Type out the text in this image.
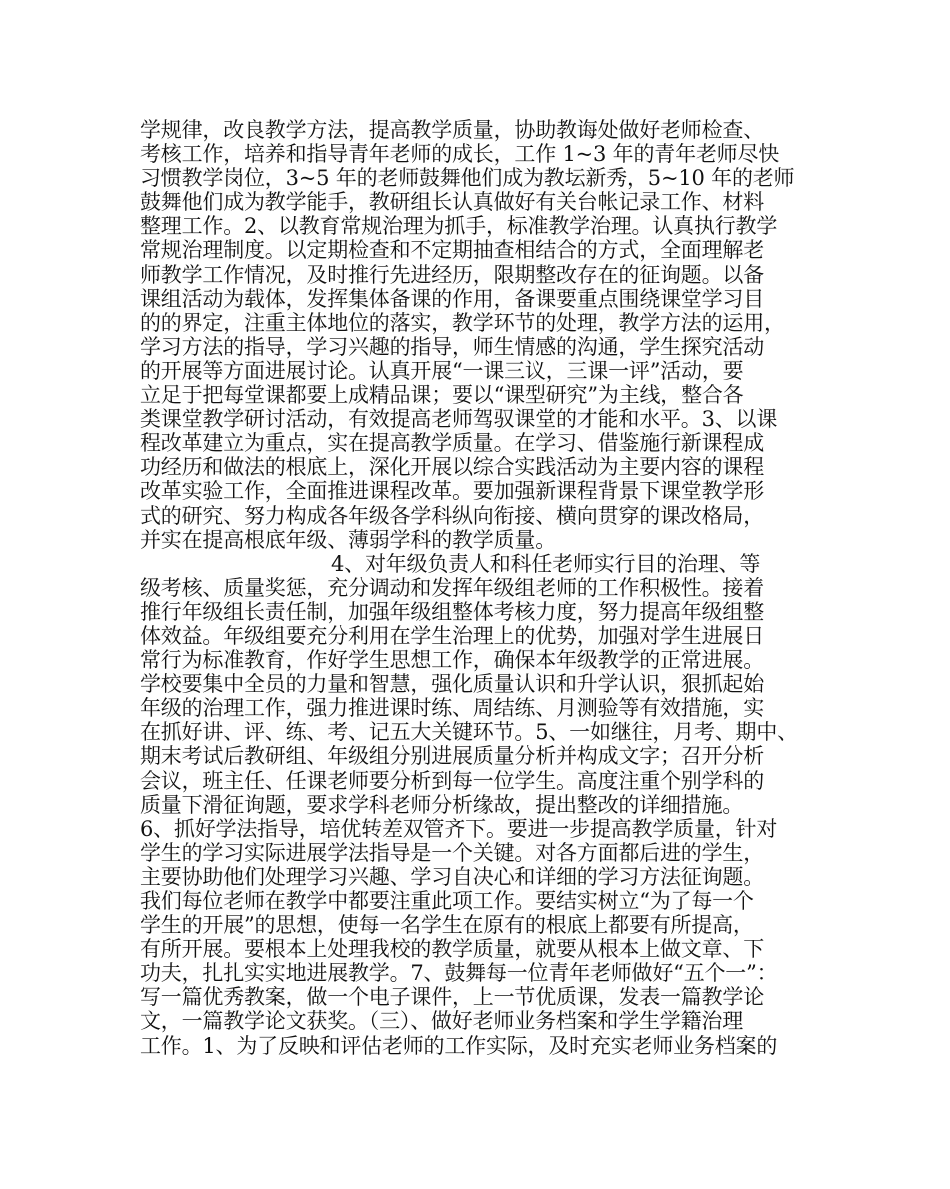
学规律，改良教学方法，提高教学质量，协助教诲处做好老师检查、
考核工作，培养和指导青年老师的成长，工作 1~3 年的青年老师尽快
习惯教学岗位，3~5 年的老师鼓舞他们成为教坛新秀，5~10 年的老师
鼓舞他们成为教学能手，教研组长认真做好有关台帐记录工作、材料
整理工作。2、以教育常规治理为抓手，标准教学治理。认真执行教学
常规治理制度。以定期检查和不定期抽查相结合的方式，全面理解老
师教学工作情况，及时推行先进经历，限期整改存在的征询题。以备
课组活动为载体，发挥集体备课的作用，备课要重点围绕课堂学习目
的的界定，注重主体地位的落实，教学环节的处理，教学方法的运用，
学习方法的指导，学习兴趣的指导，师生情感的沟通，学生探究活动
的开展等方面进展讨论。认真开展“一课三议，三课一评”活动，要
立足于把每堂课都要上成精品课；要以“课型研究”为主线，整合各
类课堂教学研讨活动，有效提高老师驾驭课堂的才能和水平。3、以课
程改革建立为重点，实在提高教学质量。在学习、借鉴施行新课程成
功经历和做法的根底上，深化开展以综合实践活动为主要内容的课程
改革实验工作，全面推进课程改革。要加强新课程背景下课堂教学形
式的研究、努力构成各年级各学科纵向衔接、横向贯穿的课改格局，
并实在提高根底年级、薄弱学科的教学质量。
4、对年级负责人和科任老师实行目的治理、等
级考核、质量奖惩，充分调动和发挥年级组老师的工作积极性。接着
推行年级组长责任制，加强年级组整体考核力度，努力提高年级组整
体效益。年级组要充分利用在学生治理上的优势，加强对学生进展日
常行为标准教育，作好学生思想工作，确保本年级教学的正常进展。
学校要集中全员的力量和智慧，强化质量认识和升学认识，狠抓起始
年级的治理工作，强力推进课时练、周结练、月测验等有效措施，实
在抓好讲、评、练、考、记五大关键环节。5、一如继往，月考、期中、
期末考试后教研组、年级组分别进展质量分析并构成文字；召开分析
会议，班主任、任课老师要分析到每一位学生。高度注重个别学科的
质量下滑征询题，要求学科老师分析缘故，提出整改的详细措施。
6、抓好学法指导，培优转差双管齐下。要进一步提高教学质量，针对
学生的学习实际进展学法指导是一个关键。对各方面都后进的学生，
主要协助他们处理学习兴趣、学习自决心和详细的学习方法征询题。
我们每位老师在教学中都要注重此项工作。要结实树立“为了每一个
学生的开展”的思想，使每一名学生在原有的根底上都要有所提高，
有所开展。要根本上处理我校的教学质量，就要从根本上做文章、下
功夫，扎扎实实地进展教学。7、鼓舞每一位青年老师做好“五个一”：
写一篇优秀教案，做一个电子课件，上一节优质课，发表一篇教学论
文，一篇教学论文获奖。（三）、做好老师业务档案和学生学籍治理
工作。1、为了反映和评估老师的工作实际，及时充实老师业务档案的
